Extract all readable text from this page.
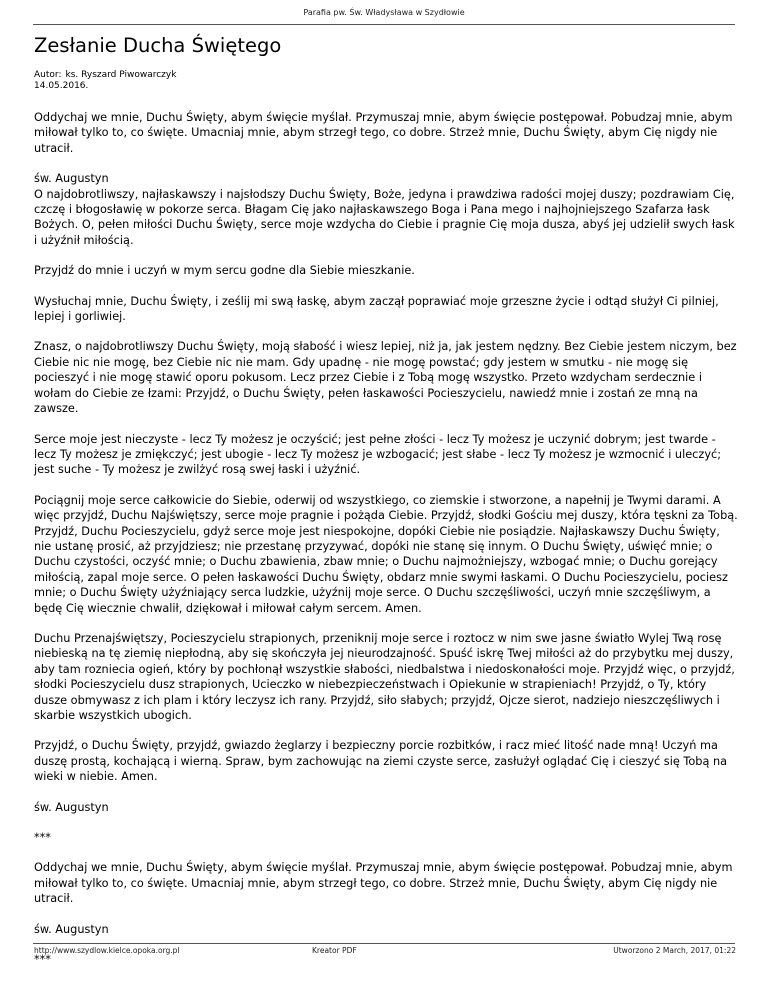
Parafia pw. Św. Władysława w Szydłowie
Zesłanie Ducha Świętego
Autor: ks. Ryszard Piwowarczyk
14.05.2016.

Oddychaj we mnie, Duchu Święty, abym święcie myślał. Przymuszaj mnie, abym święcie postępował. Pobudzaj mnie, abym miłował tylko to, co święte. Umacniaj mnie, abym strzegł tego, co dobre. Strzeż mnie, Duchu Święty, abym Cię nigdy nie utracił.

św. Augustyn
O najdobrotliwszy, najłaskawszy i najsłodszy Duchu Święty, Boże, jedyna i prawdziwa radości mojej duszy; pozdrawiam Cię, czczę i błogosławię w pokorze serca. Błagam Cię jako najłaskawszego Boga i Pana mego i najhojniejszego Szafarza łask Bożych. O, pełen miłości Duchu Święty, serce moje wzdycha do Ciebie i pragnie Cię moja dusza, abyś jej udzielił swych łask i użyźnił miłością.

Przyjdź do mnie i uczyń w mym sercu godne dla Siebie mieszkanie.

Wysłuchaj mnie, Duchu Święty, i ześlij mi swą łaskę, abym zaczął poprawiać moje grzeszne życie i odtąd służył Ci pilniej, lepiej i gorliwiej.

Znasz, o najdobrotliwszy Duchu Święty, moją słabość i wiesz lepiej, niż ja, jak jestem nędzny. Bez Ciebie jestem niczym, bez Ciebie nic nie mogę, bez Ciebie nic nie mam. Gdy upadnę - nie mogę powstać; gdy jestem w smutku - nie mogę się pocieszyć i nie mogę stawić oporu pokusom. Lecz przez Ciebie i z Tobą mogę wszystko. Przeto wzdycham serdecznie i wołam do Ciebie ze łzami: Przyjdź, o Duchu Święty, pełen łaskawości Pocieszycielu, nawiedź mnie i zostań ze mną na zawsze.

Serce moje jest nieczyste - lecz Ty możesz je oczyścić; jest pełne złości - lecz Ty możesz je uczynić dobrym; jest twarde - lecz Ty możesz je zmiękczyć; jest ubogie - lecz Ty możesz je wzbogacić; jest słabe - lecz Ty możesz je wzmocnić i uleczyć; jest suche - Ty możesz je zwilżyć rosą swej łaski i użyźnić.

Pociągnij moje serce całkowicie do Siebie, oderwij od wszystkiego, co ziemskie i stworzone, a napełnij je Twymi darami. A więc przyjdź, Duchu Najświętszy, serce moje pragnie i pożąda Ciebie. Przyjdź, słodki Gościu mej duszy, która tęskni za Tobą. Przyjdź, Duchu Pocieszycielu, gdyż serce moje jest niespokojne, dopóki Ciebie nie posiądzie. Najłaskawszy Duchu Święty, nie ustanę prosić, aż przyjdziesz; nie przestanę przyzywać, dopóki nie stanę się innym. O Duchu Święty, uświęć mnie; o Duchu czystości, oczyść mnie; o Duchu zbawienia, zbaw mnie; o Duchu najmożniejszy, wzbogać mnie; o Duchu gorejący miłością, zapal moje serce. O pełen łaskawości Duchu Święty, obdarz mnie swymi łaskami. O Duchu Pocieszycielu, pociesz mnie; o Duchu Święty użyźniający serca ludzkie, użyźnij moje serce. O Duchu szczęśliwości, uczyń mnie szczęśliwym, a będę Cię wiecznie chwalił, dziękował i miłował całym sercem. Amen.

Duchu Przenajświętszy, Pocieszycielu strapionych, przeniknij moje serce i roztocz w nim swe jasne światło Wylej Twą rosę niebieską na tę ziemię niepłodną, aby się skończyła jej nieurodzajność. Spuść iskrę Twej miłości aż do przybytku mej duszy, aby tam rozniecia ogień, który by pochłonął wszystkie słabości, niedbalstwa i niedoskonałości moje. Przyjdź więc, o przyjdź, słodki Pocieszycielu dusz strapionych, Ucieczko w niebezpieczeństwach i Opiekunie w strapieniach! Przyjdź, o Ty, który dusze obmywasz z ich plam i który leczysz ich rany. Przyjdź, siło słabych; przyjdź, Ojcze sierot, nadziejo nieszczęśliwych i skarbie wszystkich ubogich.

Przyjdź, o Duchu Święty, przyjdź, gwiazdo żeglarzy i bezpieczny porcie rozbitków, i racz mieć litość nade mną! Uczyń ma duszę prostą, kochającą i wierną. Spraw, bym zachowując na ziemi czyste serce, zasłużył oglądać Cię i cieszyć się Tobą na wieki w niebie. Amen.

św. Augustyn

***

Oddychaj we mnie, Duchu Święty, abym święcie myślał. Przymuszaj mnie, abym święcie postępował. Pobudzaj mnie, abym miłował tylko to, co święte. Umacniaj mnie, abym strzegł tego, co dobre. Strzeż mnie, Duchu Święty, abym Cię nigdy nie utracił.

św. Augustyn

***

http://www.szydlow.kielce.opoka.org.pl	Kreator PDF	Utworzono 2 March, 2017, 01:22
